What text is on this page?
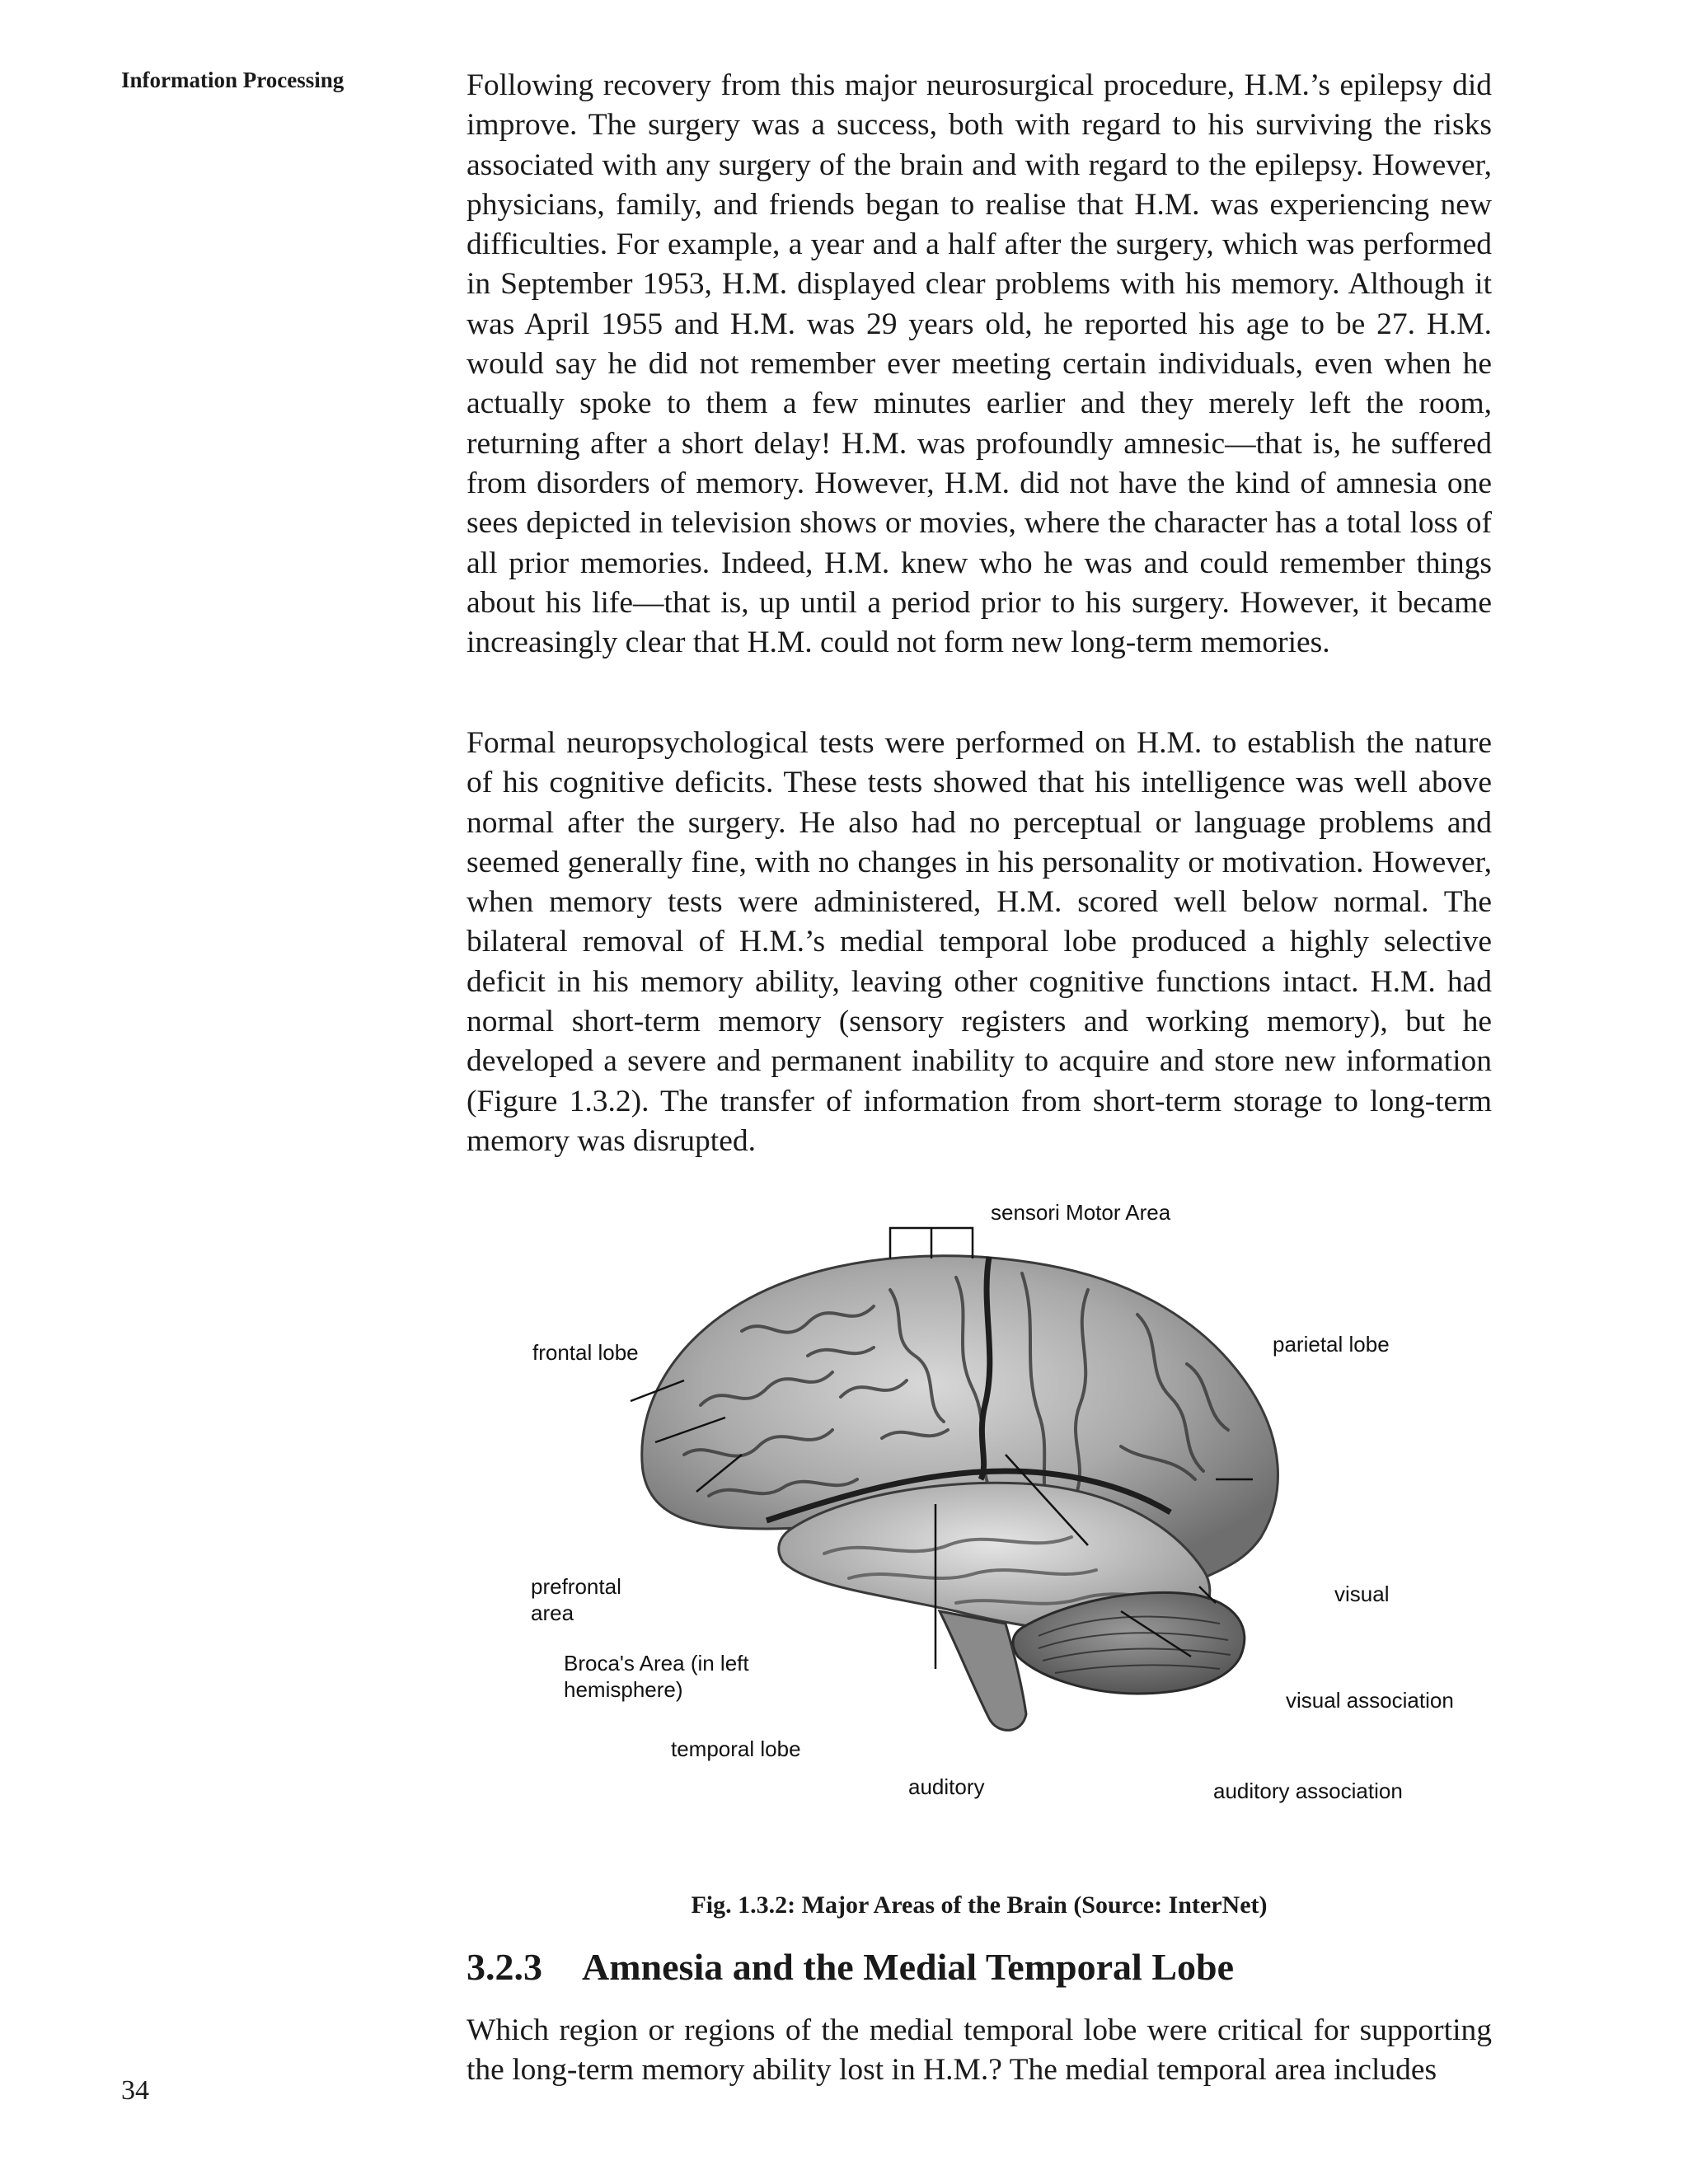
Information Processing	Following recovery from this major neurosurgical procedure, H.M.’s epilepsy did improve. The surgery was a success, both with regard to his surviving the risks associated with any surgery of the brain and with regard to the epilepsy. However, physicians, family, and friends began to realise that H.M. was experiencing new difficulties. For example, a year and a half after the surgery, which was performed in September 1953, H.M. displayed clear problems with his memory. Although it was April 1955 and H.M. was 29 years old, he reported his age to be 27. H.M. would say he did not remember ever meeting certain individuals, even when he actually spoke to them a few minutes earlier and they merely left the room, returning after a short delay! H.M. was profoundly amnesic—that is, he suffered from disorders of memory. However, H.M. did not have the kind of amnesia one sees depicted in television shows or movies, where the character has a total loss of all prior memories. Indeed, H.M. knew who he was and could remember things about his life—that is, up until a period prior to his surgery. However, it became increasingly clear that H.M. could not form new long-term memories.

Formal neuropsychological tests were performed on H.M. to establish the nature of his cognitive deficits. These tests showed that his intelligence was well above normal after the surgery. He also had no perceptual or language problems and seemed generally fine, with no changes in his personality or motivation. However, when memory tests were administered, H.M. scored well below normal. The bilateral removal of H.M.’s medial temporal lobe produced a highly selective deficit in his memory ability, leaving other cognitive functions intact. H.M. had normal short-term memory (sensory registers and working memory), but he developed a severe and permanent inability to acquire and store new information (Figure 1.3.2). The transfer of information from short-term storage to long-term memory was disrupted.

sensori Motor Area
frontal lobe	parietal lobe
prefrontal area
visual
Broca's Area (in left hemisphere)	visual association
temporal lobe
auditory	auditory association
Fig. 1.3.2: Major Areas of the Brain (Source: InterNet)
3.2.3 Amnesia and the Medial Temporal Lobe

Which region or regions of the medial temporal lobe were critical for supporting the long-term memory ability lost in H.M.? The medial temporal area includes

34
